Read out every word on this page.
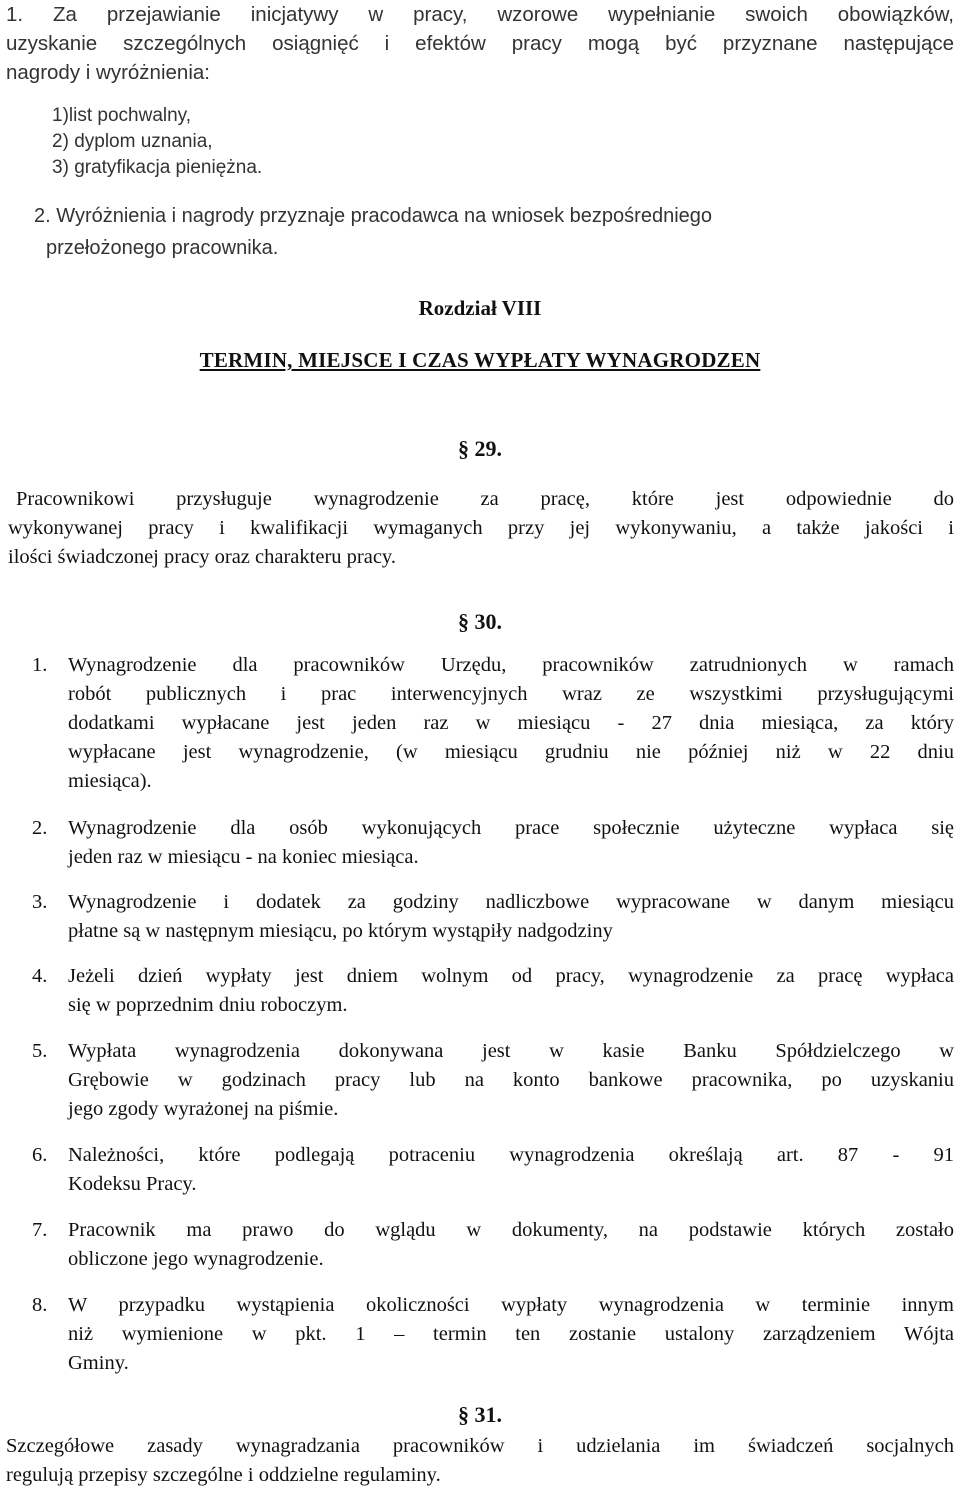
1. Za przejawianie inicjatywy w pracy, wzorowe wypełnianie swoich obowiązków,
uzyskanie szczególnych osiągnięć i efektów pracy mogą być przyznane następujące
nagrody i wyróżnienia:
1)list pochwalny,
2) dyplom uznania,
3) gratyfikacja pieniężna.
2. Wyróżnienia i nagrody przyznaje pracodawca na wniosek bezpośredniego
przełożonego pracownika.
Rozdział VIII
TERMIN, MIEJSCE I CZAS WYPŁATY WYNAGRODZEN
§ 29.
Pracownikowi przysługuje wynagrodzenie za pracę, które jest odpowiednie do
wykonywanej pracy i kwalifikacji wymaganych przy jej wykonywaniu, a także jakości i
ilości świadczonej pracy oraz charakteru pracy.
§ 30.
1.	Wynagrodzenie dla pracowników Urzędu, pracowników zatrudnionych w ramach
robót publicznych i prac interwencyjnych wraz ze wszystkimi przysługującymi
dodatkami wypłacane jest jeden raz w miesiącu - 27 dnia miesiąca, za który
wypłacane jest wynagrodzenie, (w miesiącu grudniu nie później niż w 22 dniu
miesiąca).
2.	Wynagrodzenie dla osób wykonujących prace społecznie użyteczne wypłaca się
jeden raz w miesiącu - na koniec miesiąca.
3.	Wynagrodzenie i dodatek za godziny nadliczbowe wypracowane w danym miesiącu
płatne są w następnym miesiącu, po którym wystąpiły nadgodziny
4.	Jeżeli dzień wypłaty jest dniem wolnym od pracy, wynagrodzenie za pracę wypłaca
się w poprzednim dniu roboczym.
5.	Wypłata wynagrodzenia dokonywana jest w kasie Banku Spółdzielczego w
Grębowie w godzinach pracy lub na konto bankowe pracownika, po uzyskaniu
jego zgody wyrażonej na piśmie.
6.	Należności, które podlegają potraceniu wynagrodzenia określają art. 87 - 91
Kodeksu Pracy.
7.	Pracownik ma prawo do wglądu w dokumenty, na podstawie których zostało
obliczone jego wynagrodzenie.
8.	W przypadku wystąpienia okoliczności wypłaty wynagrodzenia w terminie innym
niż wymienione w pkt. 1 – termin ten zostanie ustalony zarządzeniem Wójta
Gminy.
§ 31.
Szczegółowe zasady wynagradzania pracowników i udzielania im świadczeń socjalnych
regulują przepisy szczególne i oddzielne regulaminy.
